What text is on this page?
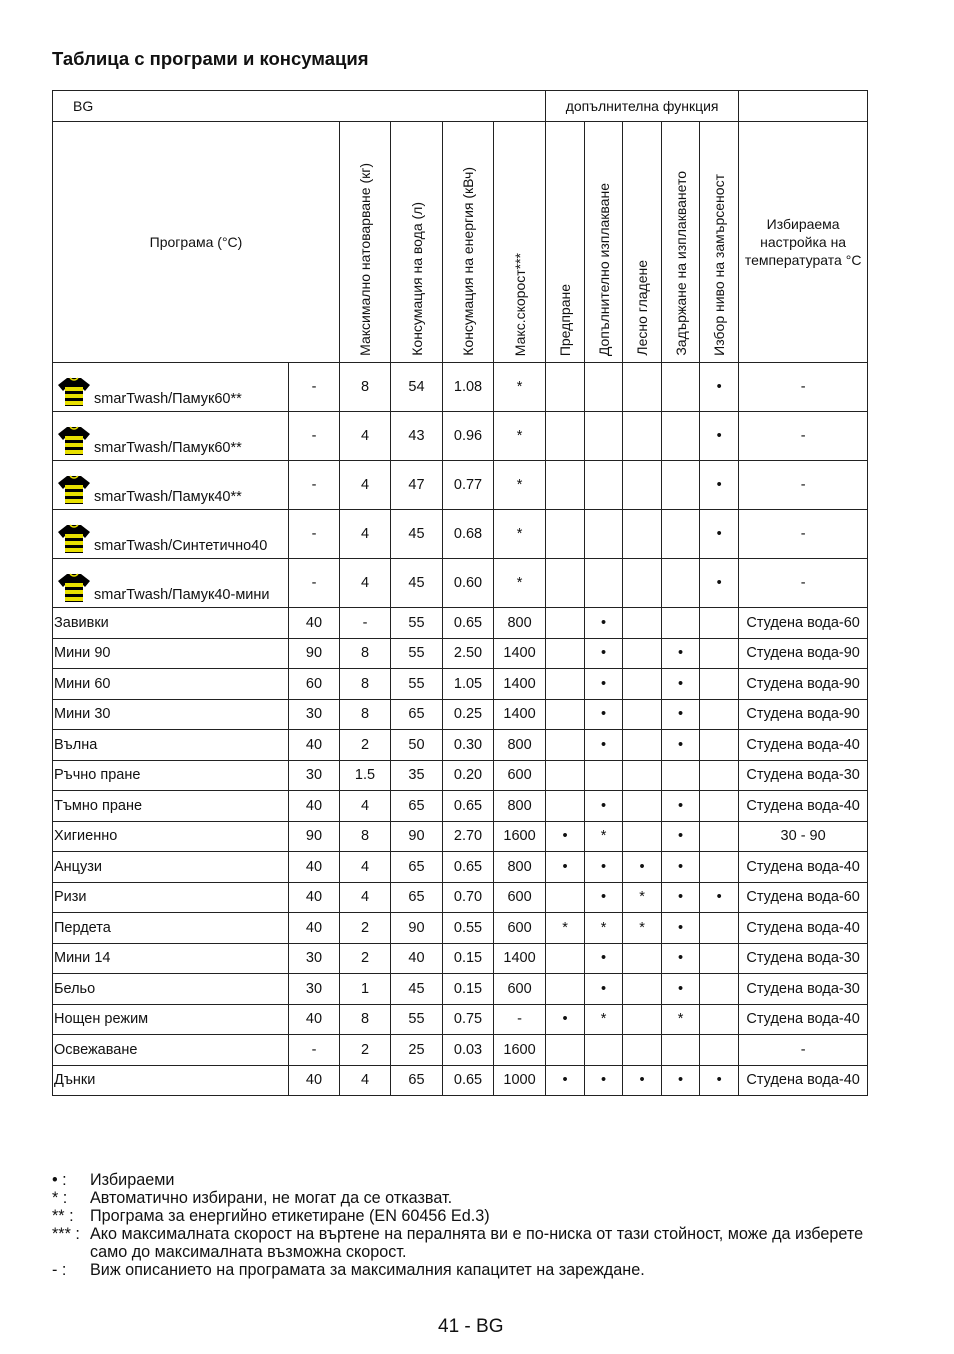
Таблица с програми и консумация
BG						допълнителна функция					
Програма (°C)		Максимално натоварване (кг)	Консумация на вода (л)	Консумация на енергия (кВч)	Макс.скорост***	Предпране	Допълнително изплакване	Лесно гладене	Задържане на изплакването	Избор ниво на замърсеност	Избираема настройка на температурата °C
smarTwash/Памук60**	-	8	54	1.08	*					•	-
smarTwash/Памук60**	-	4	43	0.96	*					•	-
smarTwash/Памук40**	-	4	47	0.77	*					•	-
smarTwash/Синтетично40	-	4	45	0.68	*					•	-
smarTwash/Памук40-мини	-	4	45	0.60	*					•	-
Завивки	40	-	55	0.65	800		•				Студена вода-60
Мини 90	90	8	55	2.50	1400		•		•		Студена вода-90
Мини 60	60	8	55	1.05	1400		•		•		Студена вода-90
Мини 30	30	8	65	0.25	1400		•		•		Студена вода-90
Вълна	40	2	50	0.30	800		•		•		Студена вода-40
Ръчно пране	30	1.5	35	0.20	600						Студена вода-30
Тъмно пране	40	4	65	0.65	800		•		•		Студена вода-40
Хигиенно	90	8	90	2.70	1600	•	*		•		30 - 90
Анцузи	40	4	65	0.65	800	•	•	•	•		Студена вода-40
Ризи	40	4	65	0.70	600		•	*	•	•	Студена вода-60
Пердета	40	2	90	0.55	600	*	*	*	•		Студена вода-40
Мини 14	30	2	40	0.15	1400		•		•		Студена вода-30
Бельо	30	1	45	0.15	600		•		•		Студена вода-30
Нощен режим	40	8	55	0.75	-	•	*		*		Студена вода-40
Освежаване	-	2	25	0.03	1600						-
Дънки	40	4	65	0.65	1000	•	•	•	•	•	Студена вода-40
• :	Избираеми
* :	Автоматично избирани, не могат да се отказват.
** :	Програма за енергийно етикетиране (EN 60456 Ed.3)
*** : Ако максималната скорост на въртене на пералнята ви е по-ниска от тази стойност, може да изберете само до максималната възможна скорост.
- :	Виж описанието на програмата за максималния капацитет на зареждане.
41 - BG
